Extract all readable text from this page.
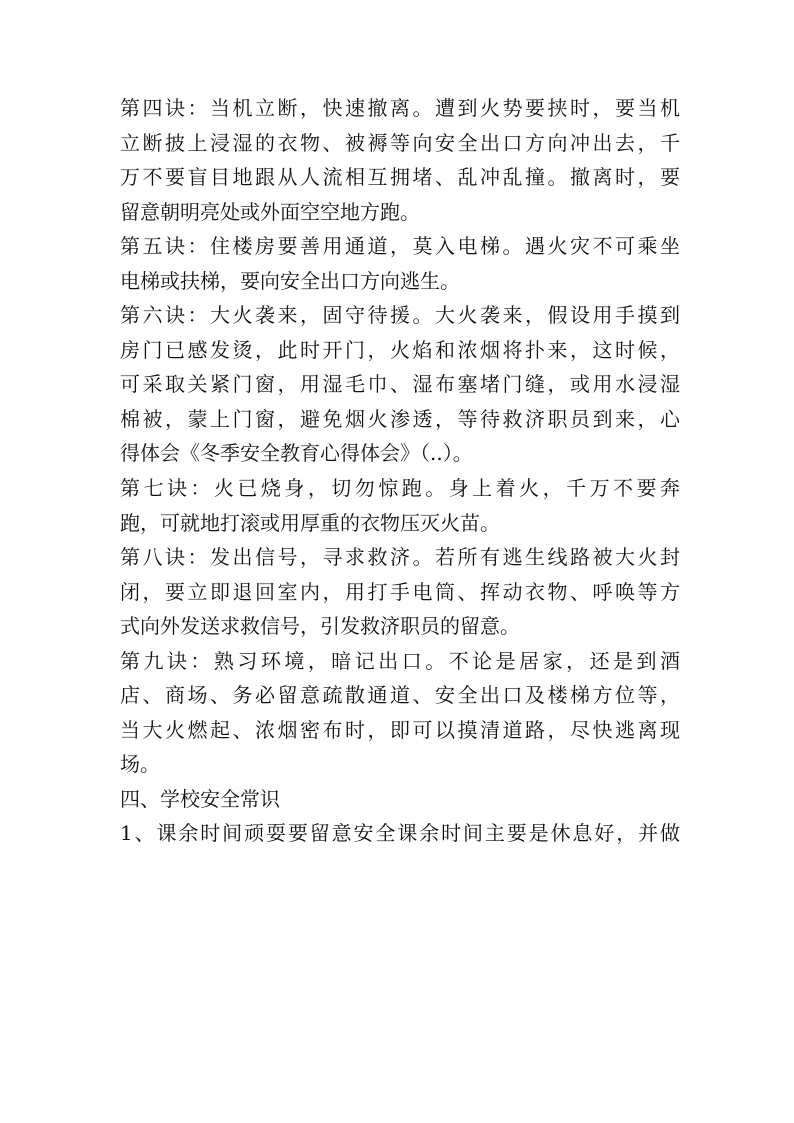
第四诀：当机立断，快速撤离。遭到火势要挟时，要当机
立断披上浸湿的衣物、被褥等向安全出口方向冲出去，千
万不要盲目地跟从人流相互拥堵、乱冲乱撞。撤离时，要
留意朝明亮处或外面空空地方跑。
第五诀：住楼房要善用通道，莫入电梯。遇火灾不可乘坐
电梯或扶梯，要向安全出口方向逃生。
第六诀：大火袭来，固守待援。大火袭来，假设用手摸到
房门已感发烫，此时开门，火焰和浓烟将扑来，这时候，
可采取关紧门窗，用湿毛巾、湿布塞堵门缝，或用水浸湿
棉被，蒙上门窗，避免烟火渗透，等待救济职员到来，心
得体会《冬季安全教育心得体会》（..）。
第七诀：火已烧身，切勿惊跑。身上着火，千万不要奔
跑，可就地打滚或用厚重的衣物压灭火苗。
第八诀：发出信号，寻求救济。若所有逃生线路被大火封
闭，要立即退回室内，用打手电筒、挥动衣物、呼唤等方
式向外发送求救信号，引发救济职员的留意。
第九诀：熟习环境，暗记出口。不论是居家，还是到酒
店、商场、务必留意疏散通道、安全出口及楼梯方位等，
当大火燃起、浓烟密布时，即可以摸清道路，尽快逃离现
场。
四、学校安全常识
1、课余时间顽耍要留意安全课余时间主要是休息好，并做
